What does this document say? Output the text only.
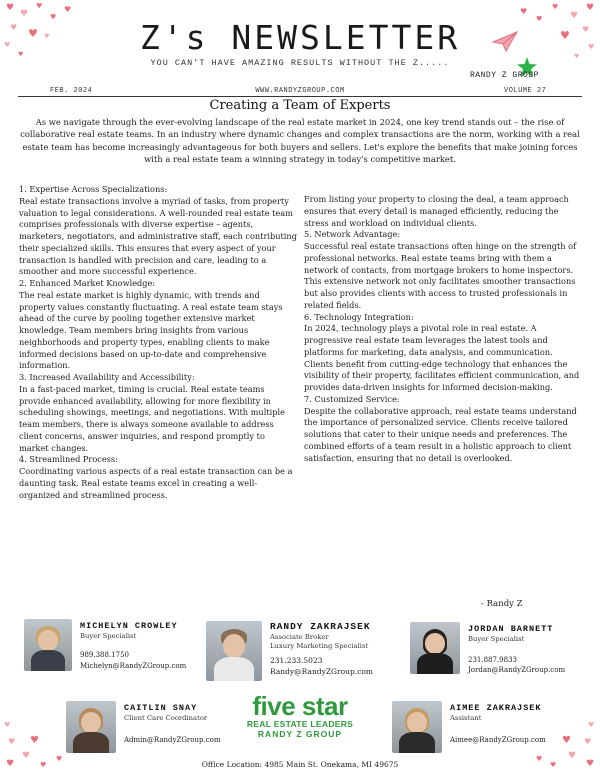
♥
♥
♥
♥ ♥
♥
♥
♥
♥
♥
♥
♥
♥
♥
♥
♥
♥
♥
♥
♥
♥
♥
♥ ♥
♥
♥
♥
♥
♥
♥
♥
♥
♥
Z's NEWSLETTER
YOU CAN'T HAVE AMAZING RESULTS WITHOUT THE Z.....
RANDY Z GROUP
FEB. 2024	WWW.RANDYZGROUP.COM	VOLUME 27
Creating a Team of Experts
As we navigate through the ever-evolving landscape of the real estate market in 2024, one key trend stands out – the rise of collaborative real estate teams. In an industry where dynamic changes and complex transactions are the norm, working with a real estate team has become increasingly advantageous for both buyers and sellers. Let's explore the benefits that make joining forces with a real estate team a winning strategy in today's competitive market.

1. Expertise Across Specializations:

Real estate transactions involve a myriad of tasks, from property valuation to legal considerations. A well-rounded real estate team comprises professionals with diverse expertise – agents, marketers, negotiators, and administrative staff, each contributing their specialized skills. This ensures that every aspect of your transaction is handled with precision and care, leading to a smoother and more successful experience.

2. Enhanced Market Knowledge:

The real estate market is highly dynamic, with trends and property values constantly fluctuating. A real estate team stays ahead of the curve by pooling together extensive market knowledge. Team members bring insights from various neighborhoods and property types, enabling clients to make informed decisions based on up-to-date and comprehensive information.

3. Increased Availability and Accessibility:

In a fast-paced market, timing is crucial. Real estate teams provide enhanced availability, allowing for more flexibility in scheduling showings, meetings, and negotiations. With multiple team members, there is always someone available to address client concerns, answer inquiries, and respond promptly to market changes.

4. Streamlined Process:

Coordinating various aspects of a real estate transaction can be a daunting task. Real estate teams excel in creating a well-organized and streamlined process.

From listing your property to closing the deal, a team approach ensures that every detail is managed efficiently, reducing the stress and workload on individual clients.

5. Network Advantage:

Successful real estate transactions often hinge on the strength of professional networks. Real estate teams bring with them a network of contacts, from mortgage brokers to home inspectors. This extensive network not only facilitates smoother transactions but also provides clients with access to trusted professionals in related fields.

6. Technology Integration:

In 2024, technology plays a pivotal role in real estate. A progressive real estate team leverages the latest tools and platforms for marketing, data analysis, and communication. Clients benefit from cutting-edge technology that enhances the visibility of their property, facilitates efficient communication, and provides data-driven insights for informed decision-making.

7. Customized Service:

Despite the collaborative approach, real estate teams understand the importance of personalized service. Clients receive tailored solutions that cater to their unique needs and preferences. The combined efforts of a team result in a holistic approach to client satisfaction, ensuring that no detail is overlooked.

- Randy Z
MICHELYN CROWLEY
Buyer Specialist
989.388.1750
Michelyn@RandyZGroup.com
RANDY ZAKRAJSEK
Associate Broker
Luxury Marketing Specialist
231.233.5023
Randy@RandyZGroup.com
JORDAN BARNETT
Buyer Specialist
231.887.9833
Jordan@RandyZGroup.com
CAITLIN SNAY
Client Care Coordinator
Admin@RandyZGroup.com
five star
REAL ESTATE LEADERS
RANDY Z GROUP
AIMEE ZAKRAJSEK
Assistant
Aimee@RandyZGroup.com
Office Location: 4985 Main St. Onekama, MI 49675
